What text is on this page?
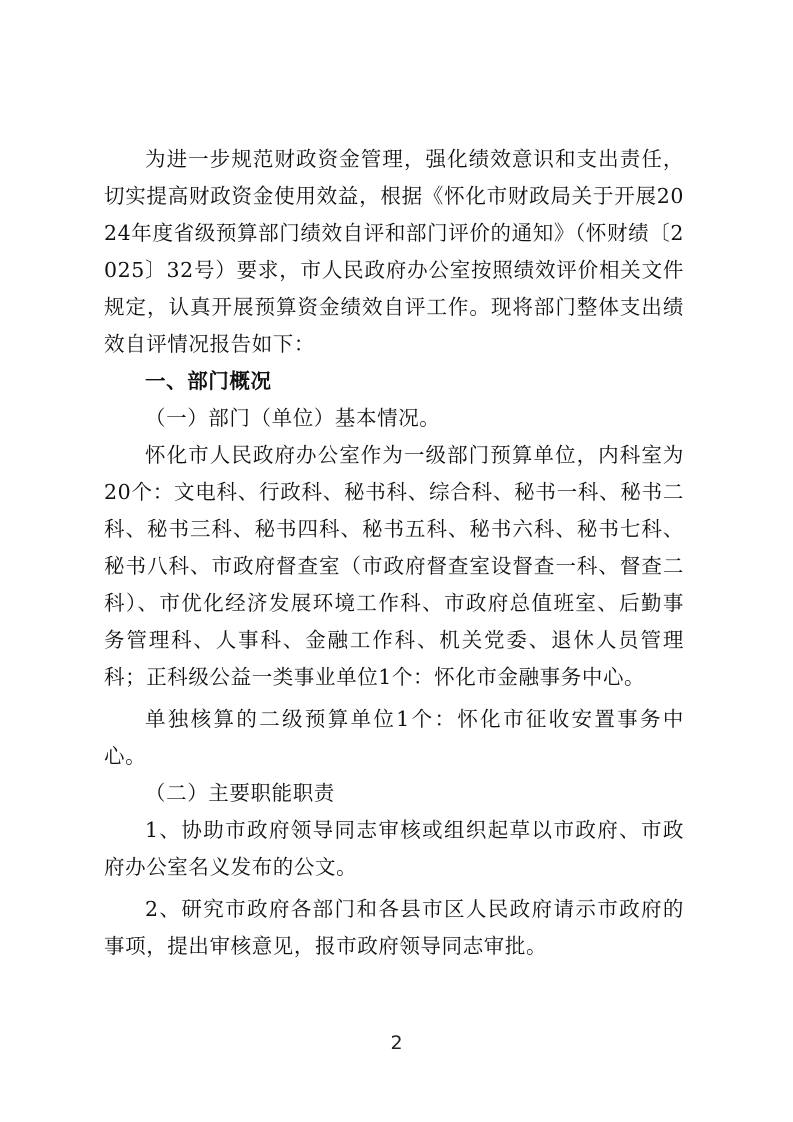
为进一步规范财政资金管理，强化绩效意识和支出责任，切实提高财政资金使用效益，根据《怀化市财政局关于开展2024年度省级预算部门绩效自评和部门评价的通知》（怀财绩〔2025〕32号）要求，市人民政府办公室按照绩效评价相关文件规定，认真开展预算资金绩效自评工作。现将部门整体支出绩效自评情况报告如下：

一、部门概况

（一）部门（单位）基本情况。

怀化市人民政府办公室作为一级部门预算单位，内科室为20个：文电科、行政科、秘书科、综合科、秘书一科、秘书二科、秘书三科、秘书四科、秘书五科、秘书六科、秘书七科、秘书八科、市政府督查室（市政府督查室设督查一科、督查二科）、市优化经济发展环境工作科、市政府总值班室、后勤事务管理科、人事科、金融工作科、机关党委、退休人员管理科；正科级公益一类事业单位1个：怀化市金融事务中心。

单独核算的二级预算单位1个：怀化市征收安置事务中心。

（二）主要职能职责

1、协助市政府领导同志审核或组织起草以市政府、市政府办公室名义发布的公文。

2、研究市政府各部门和各县市区人民政府请示市政府的事项，提出审核意见，报市政府领导同志审批。

2
